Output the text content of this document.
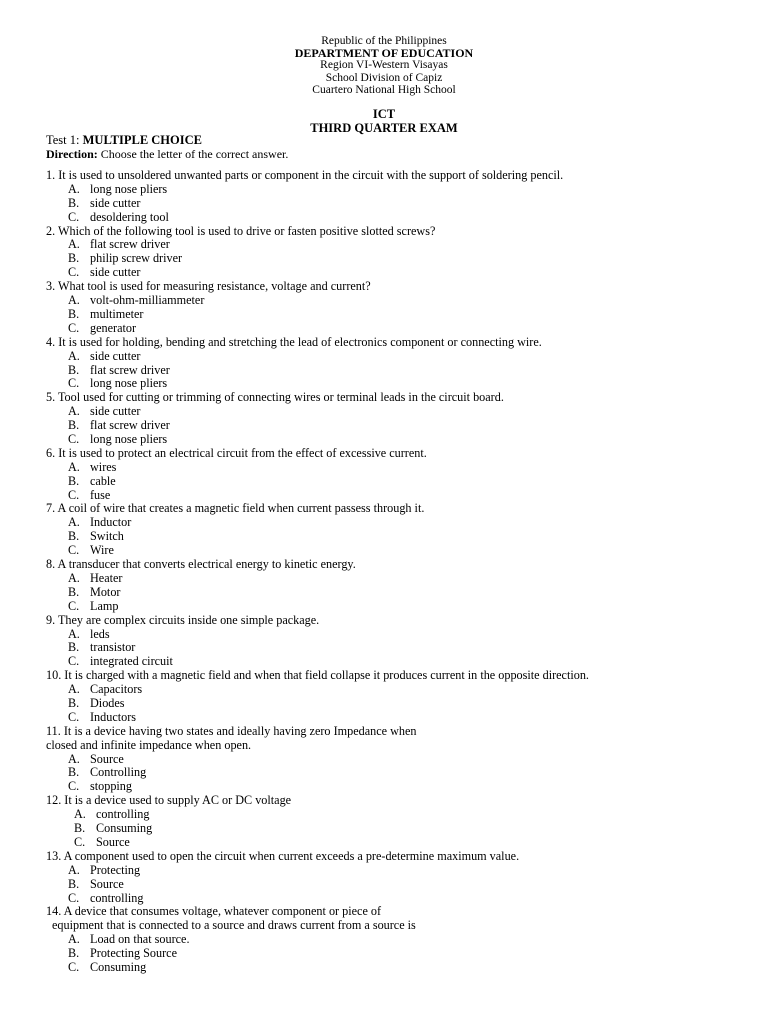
Republic of the Philippines
DEPARTMENT OF EDUCATION
Region VI-Western Visayas
School Division of Capiz
Cuartero National High School
ICT
THIRD QUARTER EXAM
Test 1: MULTIPLE CHOICE
Direction: Choose the letter of the correct answer.
1. It is used to unsoldered unwanted parts or component in the circuit with the support of soldering pencil.
A. long nose pliers
B. side cutter
C. desoldering tool
2. Which of the following tool is used to drive or fasten positive slotted screws?
A. flat screw driver
B. philip screw driver
C. side cutter
3. What tool is used for measuring resistance, voltage and current?
A. volt-ohm-milliammeter
B. multimeter
C. generator
4. It is used for holding, bending and stretching the lead of electronics component or connecting wire.
A. side cutter
B. flat screw driver
C. long nose pliers
5. Tool used for cutting or trimming of connecting wires or terminal leads in the circuit board.
A. side cutter
B. flat screw driver
C. long nose pliers
6. It is used to protect an electrical circuit from the effect of excessive current.
A. wires
B. cable
C. fuse
7. A coil of wire that creates a magnetic field when current passess through it.
A. Inductor
B. Switch
C. Wire
8. A transducer that converts electrical energy to kinetic energy.
A. Heater
B. Motor
C. Lamp
9. They are complex circuits inside one simple package.
A. leds
B. transistor
C. integrated circuit
10. It is charged with a magnetic field and when that field collapse it produces current in the opposite direction.
A. Capacitors
B. Diodes
C. Inductors
11. It is a device having two states and ideally having zero Impedance when
closed and infinite impedance when open.
A. Source
B. Controlling
C. stopping
12. It is a device used to supply AC or DC voltage
A. controlling
B. Consuming
C. Source
13. A component used to open the circuit when current exceeds a pre-determine maximum value.
A. Protecting
B. Source
C. controlling
14. A device that consumes voltage, whatever component or piece of
equipment that is connected to a source and draws current from a source is
A. Load on that source.
B. Protecting Source
C. Consuming
